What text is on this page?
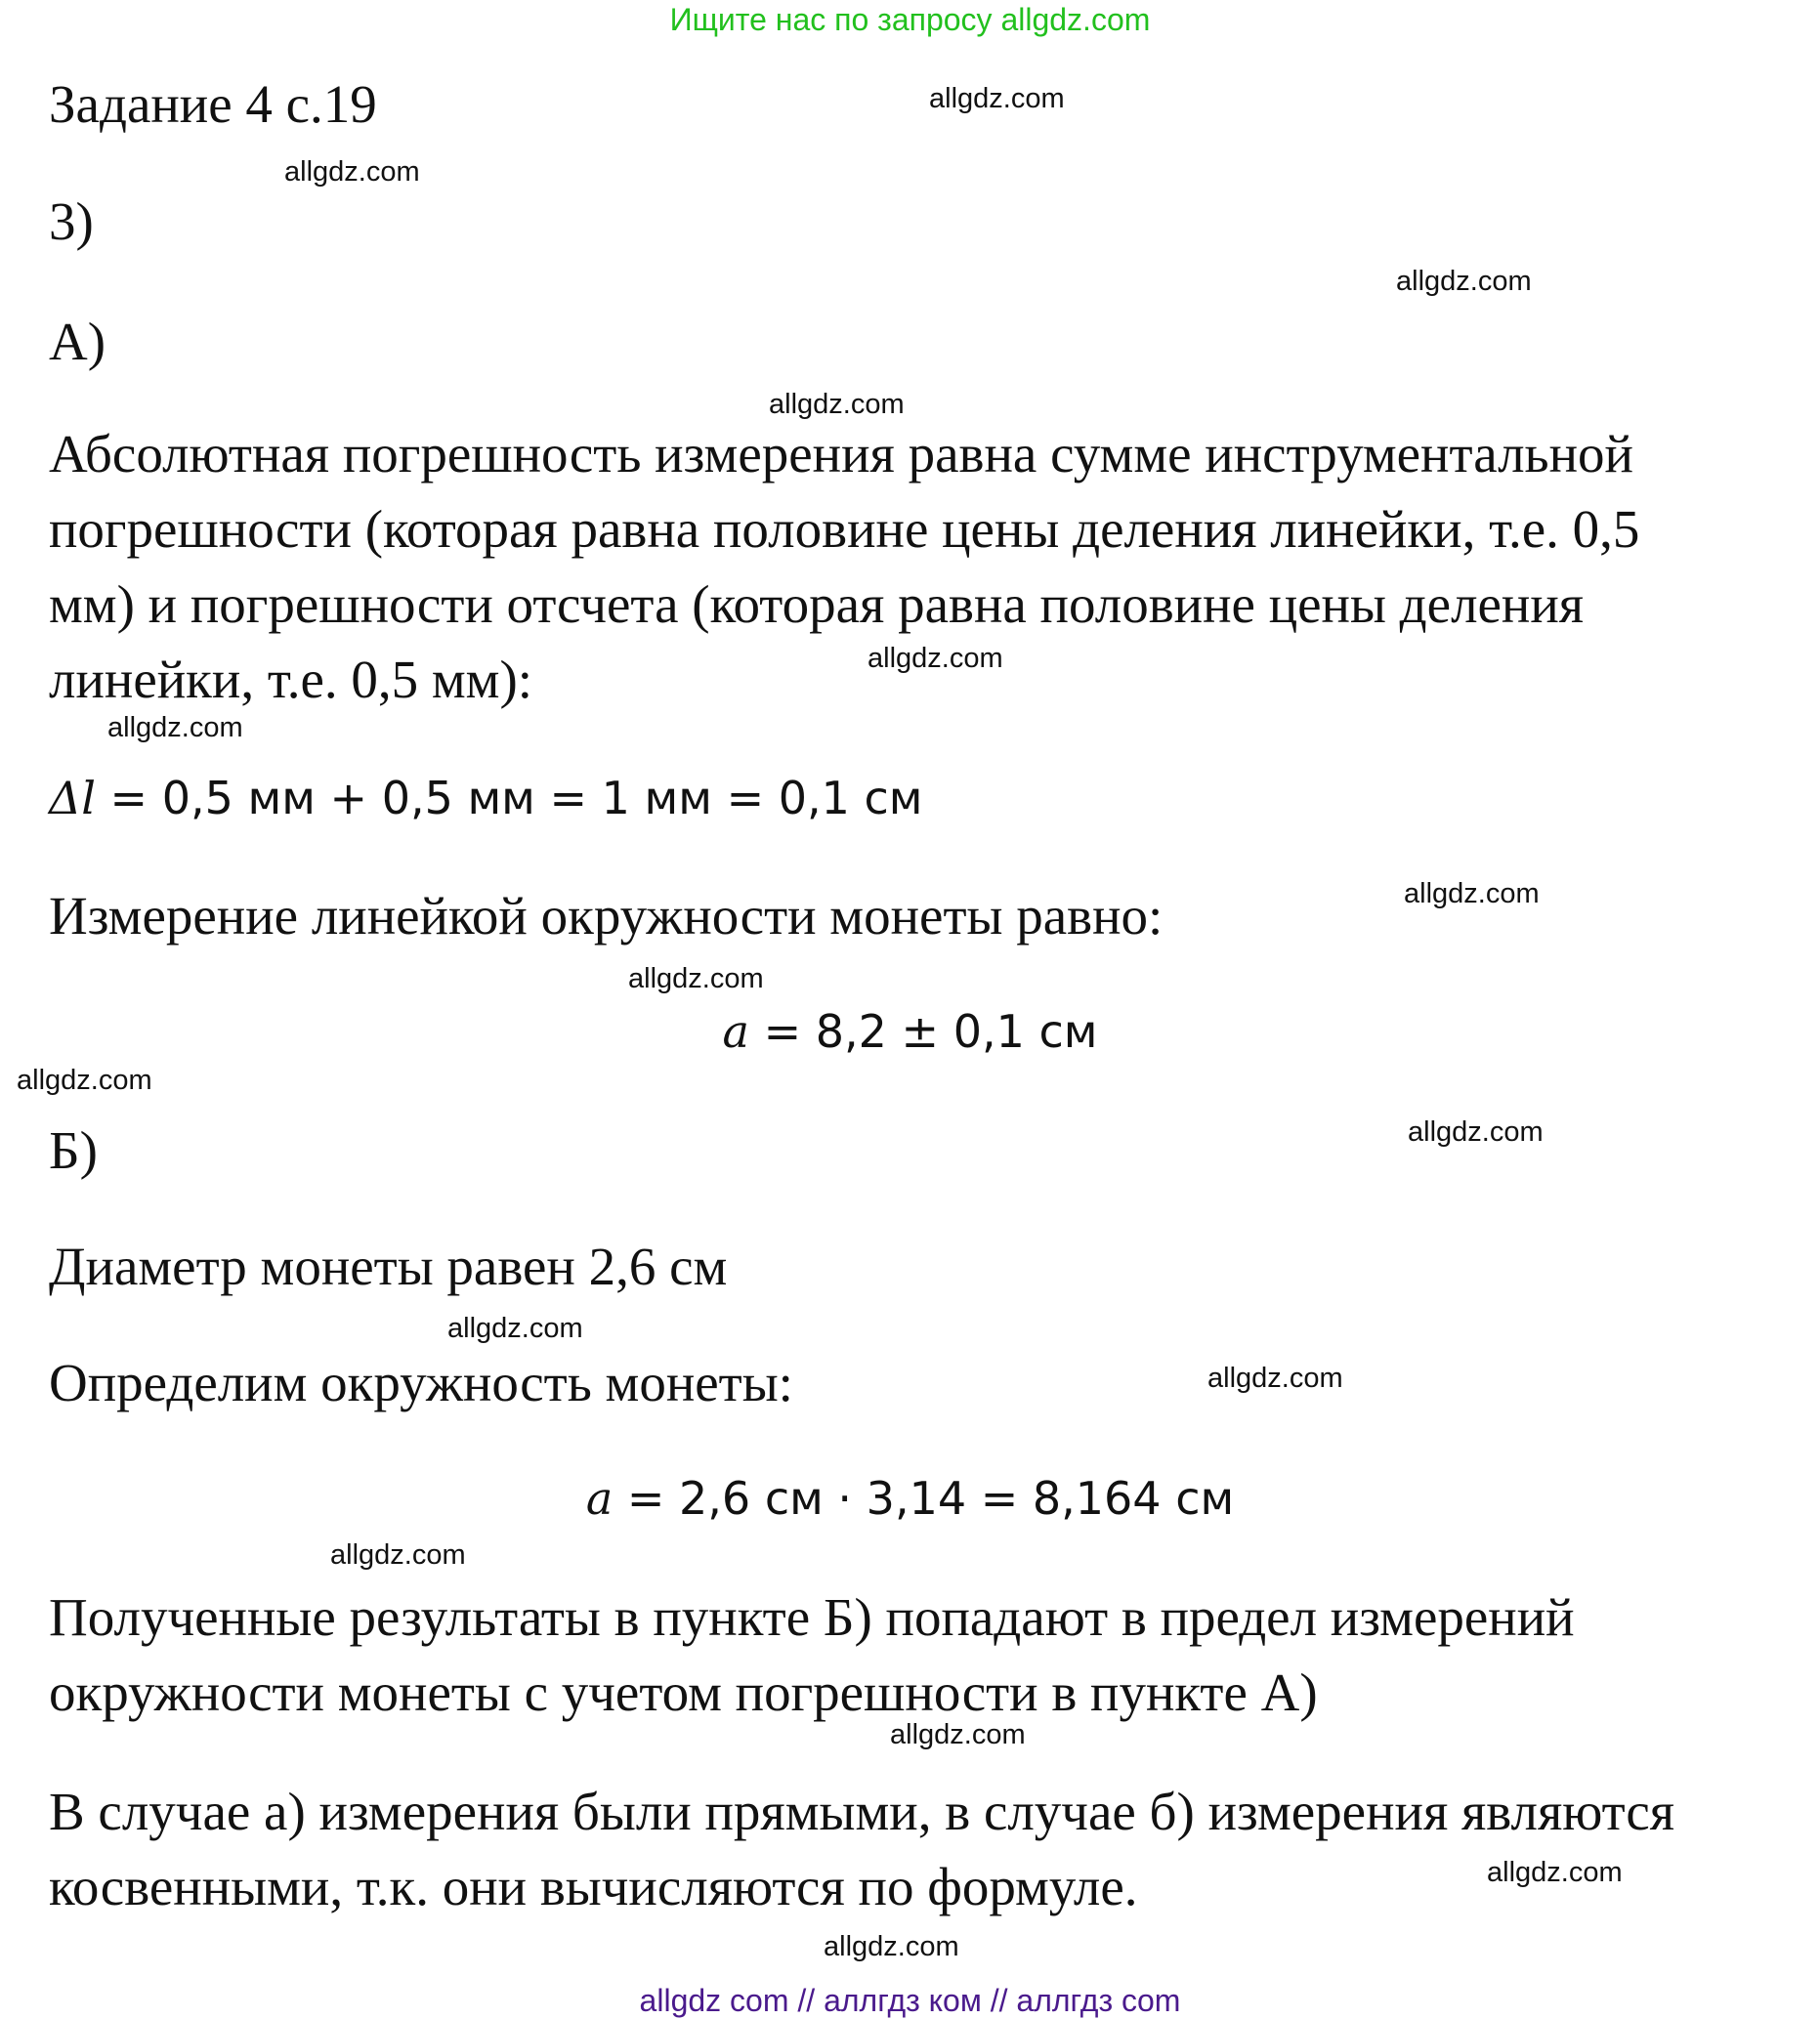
Ищите нас по запросу allgdz.com
Задание 4 с.19
3)
А)
Абсолютная погрешность измерения равна сумме инструментальной
погрешности (которая равна половине цены деления линейки, т.е. 0,5
мм) и погрешности отсчета (которая равна половине цены деления
линейки, т.е. 0,5 мм):
Δl = 0,5 мм + 0,5 мм = 1 мм = 0,1 см
Измерение линейкой окружности монеты равно:
a = 8,2 ± 0,1 см
Б)
Диаметр монеты равен 2,6 см
Определим окружность монеты:
a = 2,6 см · 3,14 = 8,164 см
Полученные результаты в пункте Б) попадают в предел измерений
окружности монеты с учетом погрешности в пункте А)
В случае а) измерения были прямыми, в случае б) измерения являются
косвенными, т.к. они вычисляются по формуле.
allgdz.com
allgdz.com
allgdz.com
allgdz.com
allgdz.com
allgdz.com
allgdz.com
allgdz.com
allgdz.com
allgdz.com
allgdz.com
allgdz.com
allgdz.com
allgdz.com
allgdz.com
allgdz.com
allgdz com // аллгдз ком // аллгдз com
